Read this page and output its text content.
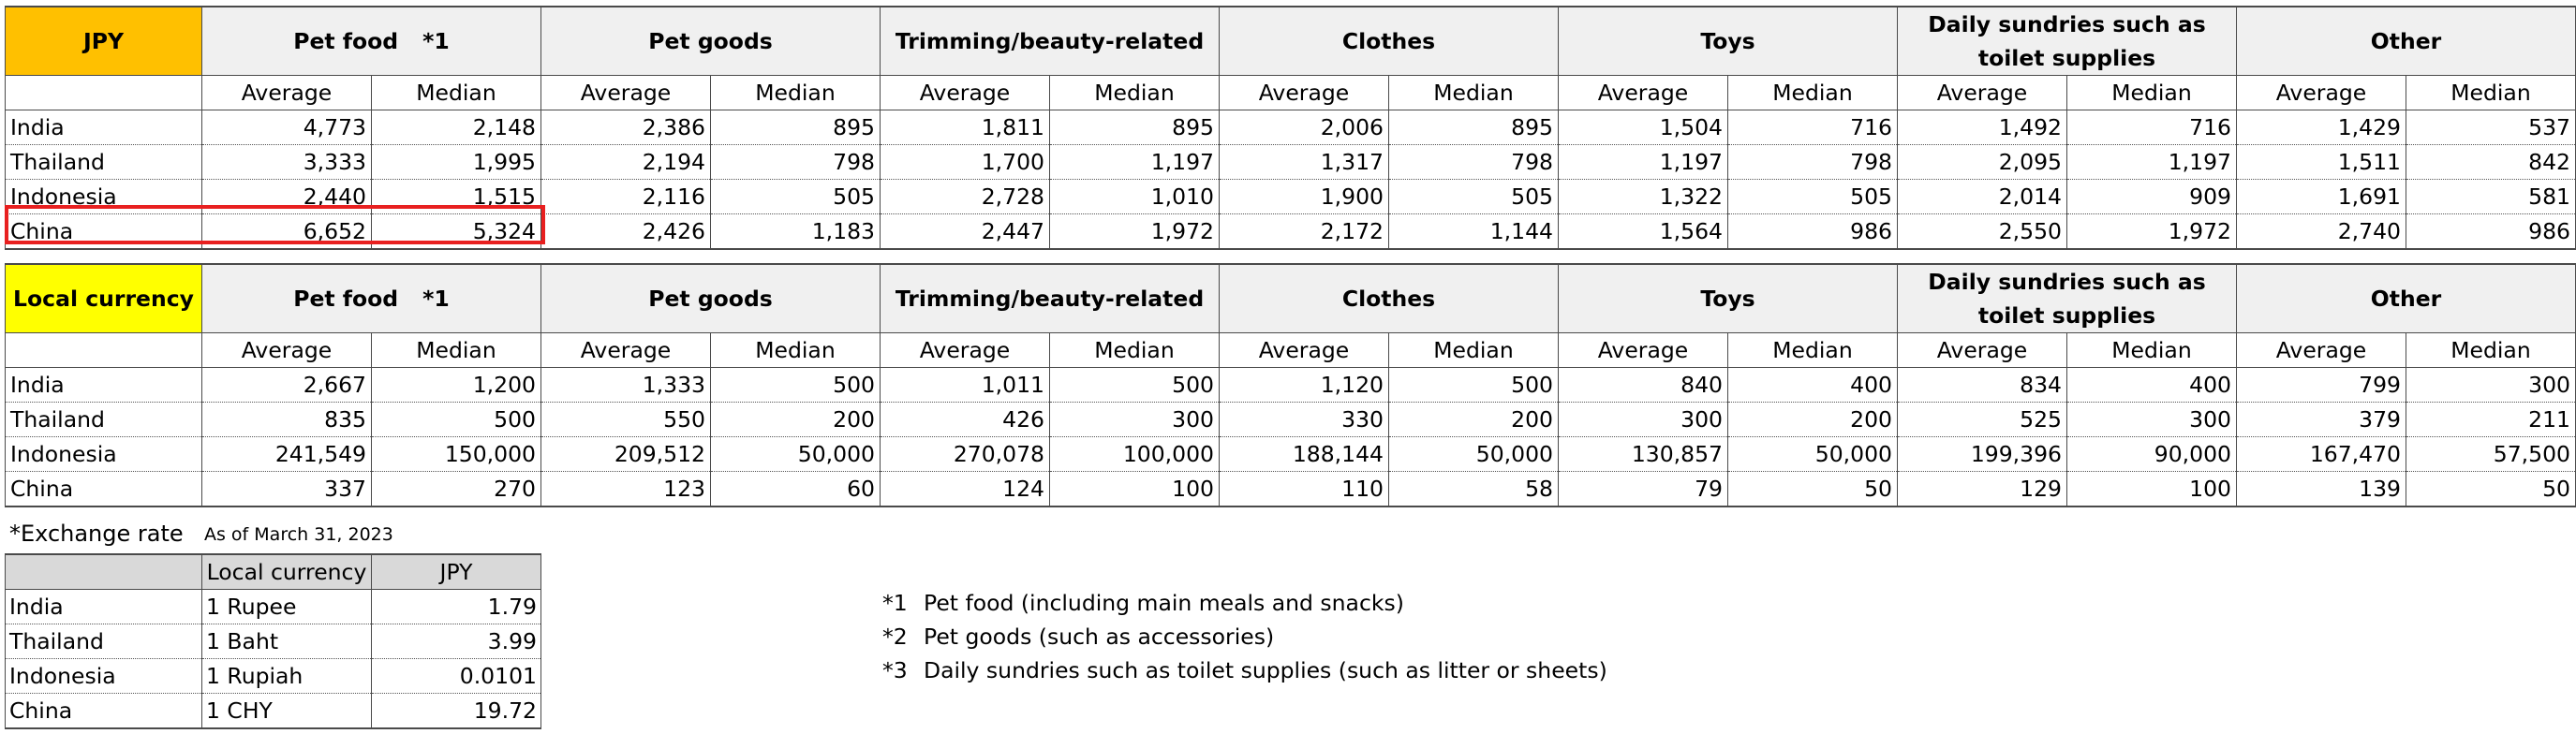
JPY	Pet food *1		Pet goods		Trimming/beauty-related		Clothes		Toys		Daily sundries such as toilet supplies		Other	
	Average	Median	Average	Median	Average	Median	Average	Median	Average	Median	Average	Median	Average	Median
India	4,773	2,148	2,386	895	1,811	895	2,006	895	1,504	716	1,492	716	1,429	537
Thailand	3,333	1,995	2,194	798	1,700	1,197	1,317	798	1,197	798	2,095	1,197	1,511	842
Indonesia	2,440	1,515	2,116	505	2,728	1,010	1,900	505	1,322	505	2,014	909	1,691	581
China	6,652	5,324	2,426	1,183	2,447	1,972	2,172	1,144	1,564	986	2,550	1,972	2,740	986
Local currency	Pet food *1		Pet goods		Trimming/beauty-related		Clothes		Toys		Daily sundries such as toilet supplies		Other	
	Average	Median	Average	Median	Average	Median	Average	Median	Average	Median	Average	Median	Average	Median
India	2,667	1,200	1,333	500	1,011	500	1,120	500	840	400	834	400	799	300
Thailand	835	500	550	200	426	300	330	200	300	200	525	300	379	211
Indonesia	241,549	150,000	209,512	50,000	270,078	100,000	188,144	50,000	130,857	50,000	199,396	90,000	167,470	57,500
China	337	270	123	60	124	100	110	58	79	50	129	100	139	50
*Exchange rate As of March 31, 2023
	Local currency	JPY
India	1 Rupee	1.79
Thailand	1 Baht	3.99
Indonesia	1 Rupiah	0.0101
China	1 CHY	19.72
*1 Pet food (including main meals and snacks)
*2 Pet goods (such as accessories)
*3 Daily sundries such as toilet supplies (such as litter or sheets)
